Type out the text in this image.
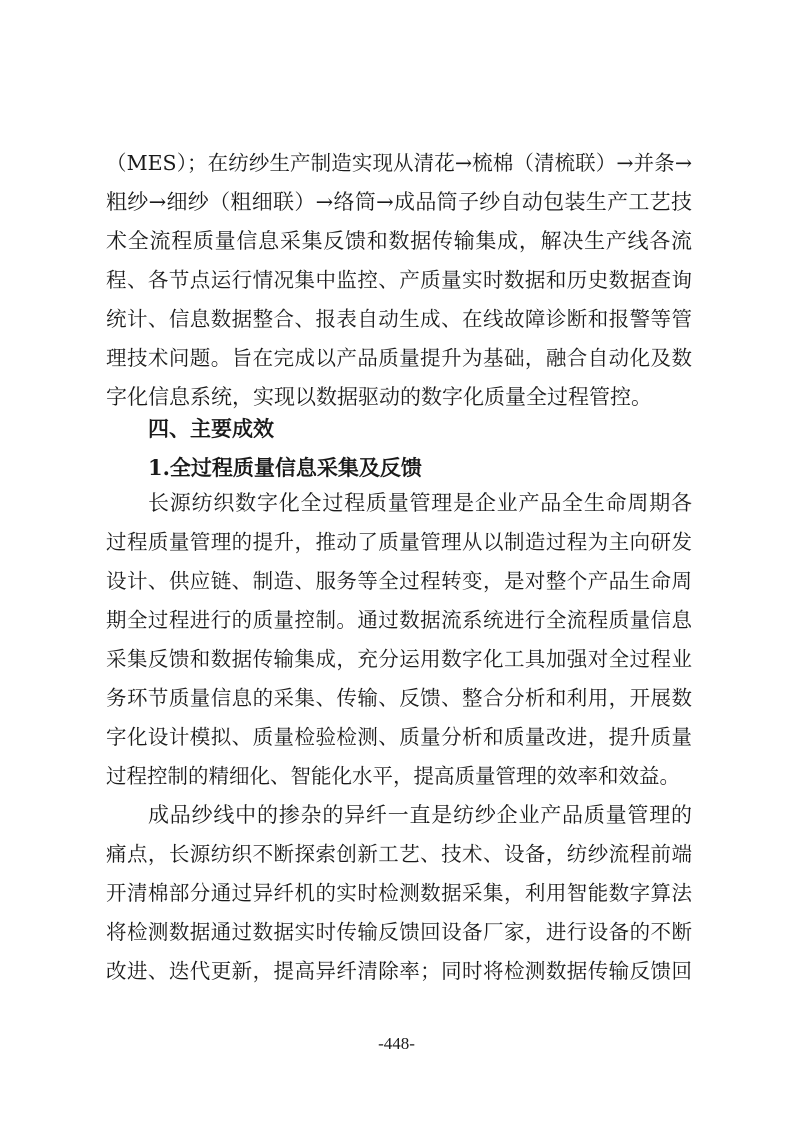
（MES）；在纺纱生产制造实现从清花→梳棉（清梳联）→并条→
粗纱→细纱（粗细联）→络筒→成品筒子纱自动包装生产工艺技
术全流程质量信息采集反馈和数据传输集成，解决生产线各流
程、各节点运行情况集中监控、产质量实时数据和历史数据查询
统计、信息数据整合、报表自动生成、在线故障诊断和报警等管
理技术问题。旨在完成以产品质量提升为基础，融合自动化及数
字化信息系统，实现以数据驱动的数字化质量全过程管控。
四、主要成效
1.全过程质量信息采集及反馈
长源纺织数字化全过程质量管理是企业产品全生命周期各
过程质量管理的提升，推动了质量管理从以制造过程为主向研发
设计、供应链、制造、服务等全过程转变，是对整个产品生命周
期全过程进行的质量控制。通过数据流系统进行全流程质量信息
采集反馈和数据传输集成，充分运用数字化工具加强对全过程业
务环节质量信息的采集、传输、反馈、整合分析和利用，开展数
字化设计模拟、质量检验检测、质量分析和质量改进，提升质量
过程控制的精细化、智能化水平，提高质量管理的效率和效益。
成品纱线中的掺杂的异纤一直是纺纱企业产品质量管理的
痛点，长源纺织不断探索创新工艺、技术、设备，纺纱流程前端
开清棉部分通过异纤机的实时检测数据采集，利用智能数字算法
将检测数据通过数据实时传输反馈回设备厂家，进行设备的不断
改进、迭代更新，提高异纤清除率；同时将检测数据传输反馈回
-448-
